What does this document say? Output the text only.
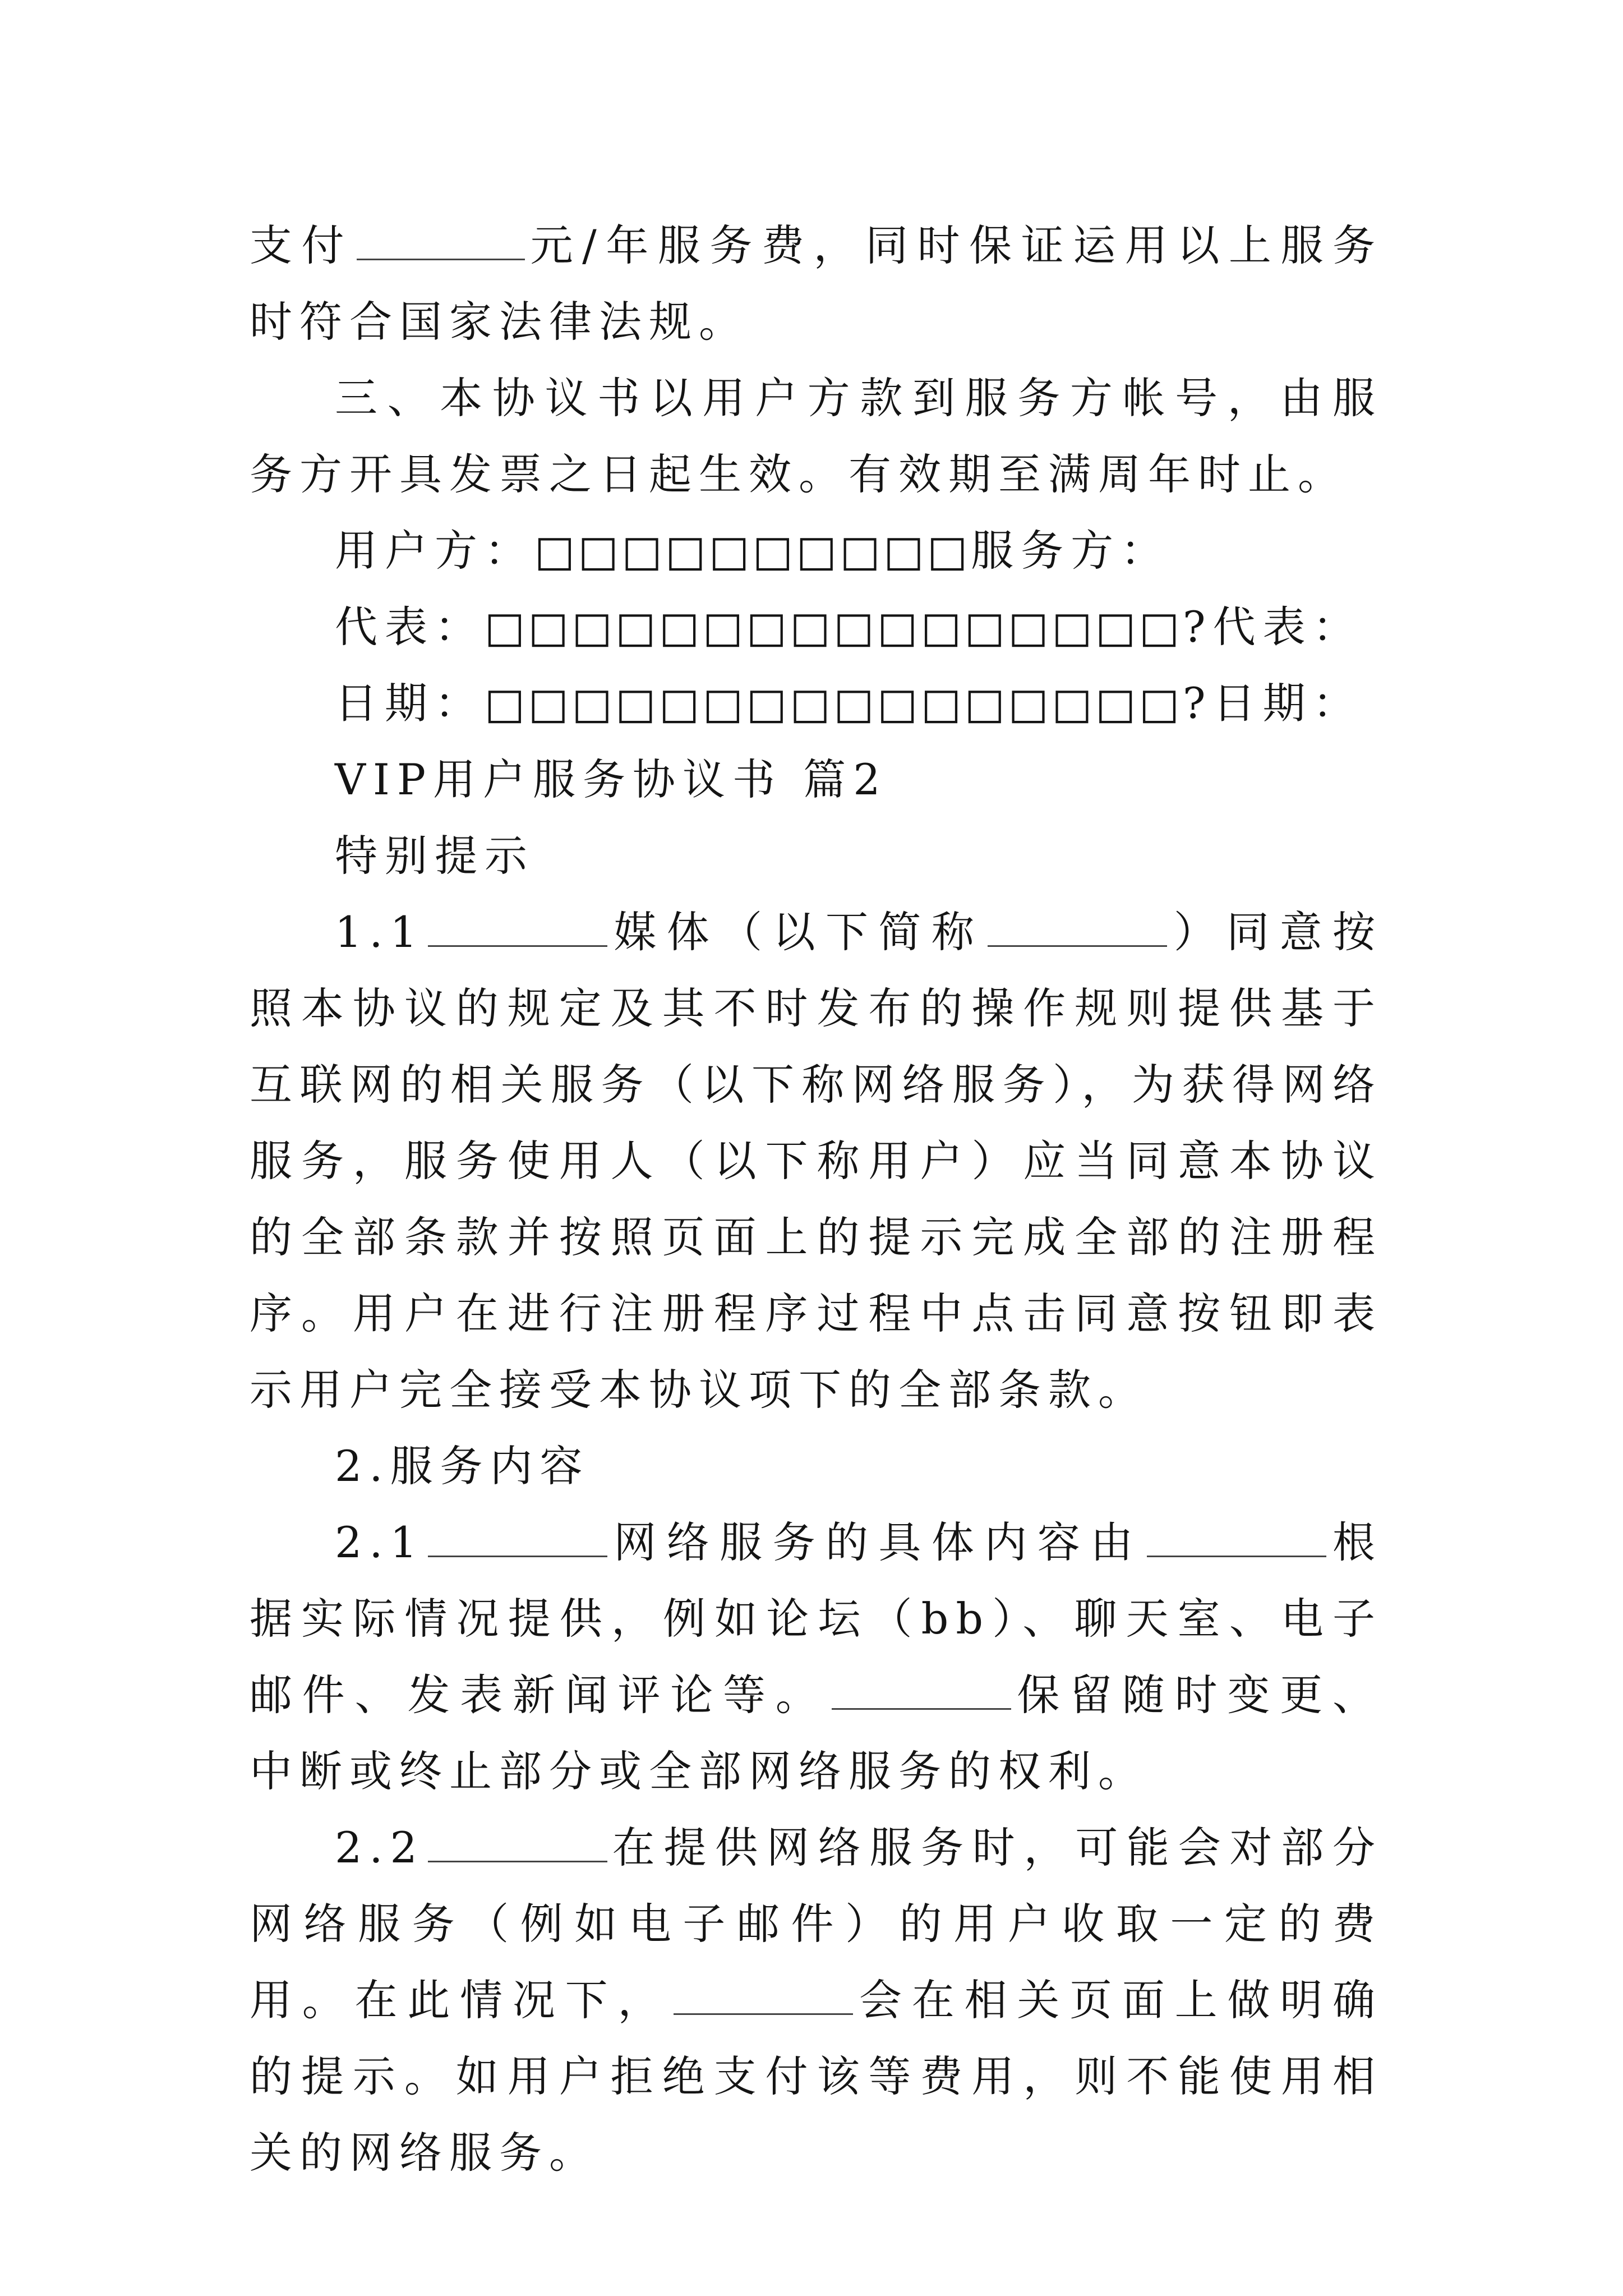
支付	元/年服务费，同时保证运用以上服务时符合国家法律法规。

三、本协议书以用户方款到服务方帐号，由服务方开具发票之日起生效。有效期至满周年时止。

用户方：□□□□□□□□□□服务方：

代表：□□□□□□□□□□□□□□□□?代表：

日期：□□□□□□□□□□□□□□□□?日期：

VIP用户服务协议书 篇2

特别提示

1.1	媒体（以下简称	）同意按照本协议的规定及其不时发布的操作规则提供基于互联网的相关服务（以下称网络服务），为获得网络服务，服务使用人（以下称用户）应当同意本协议的全部条款并按照页面上的提示完成全部的注册程序。用户在进行注册程序过程中点击同意按钮即表示用户完全接受本协议项下的全部条款。

2.服务内容

2.1	网络服务的具体内容由	根据实际情况提供，例如论坛（bb）、聊天室、电子邮件、发表新闻评论等。	保留随时变更、中断或终止部分或全部网络服务的权利。

2.2	在提供网络服务时，可能会对部分网络服务（例如电子邮件）的用户收取一定的费用。在此情况下，	会在相关页面上做明确的提示。如用户拒绝支付该等费用，则不能使用相关的网络服务。
